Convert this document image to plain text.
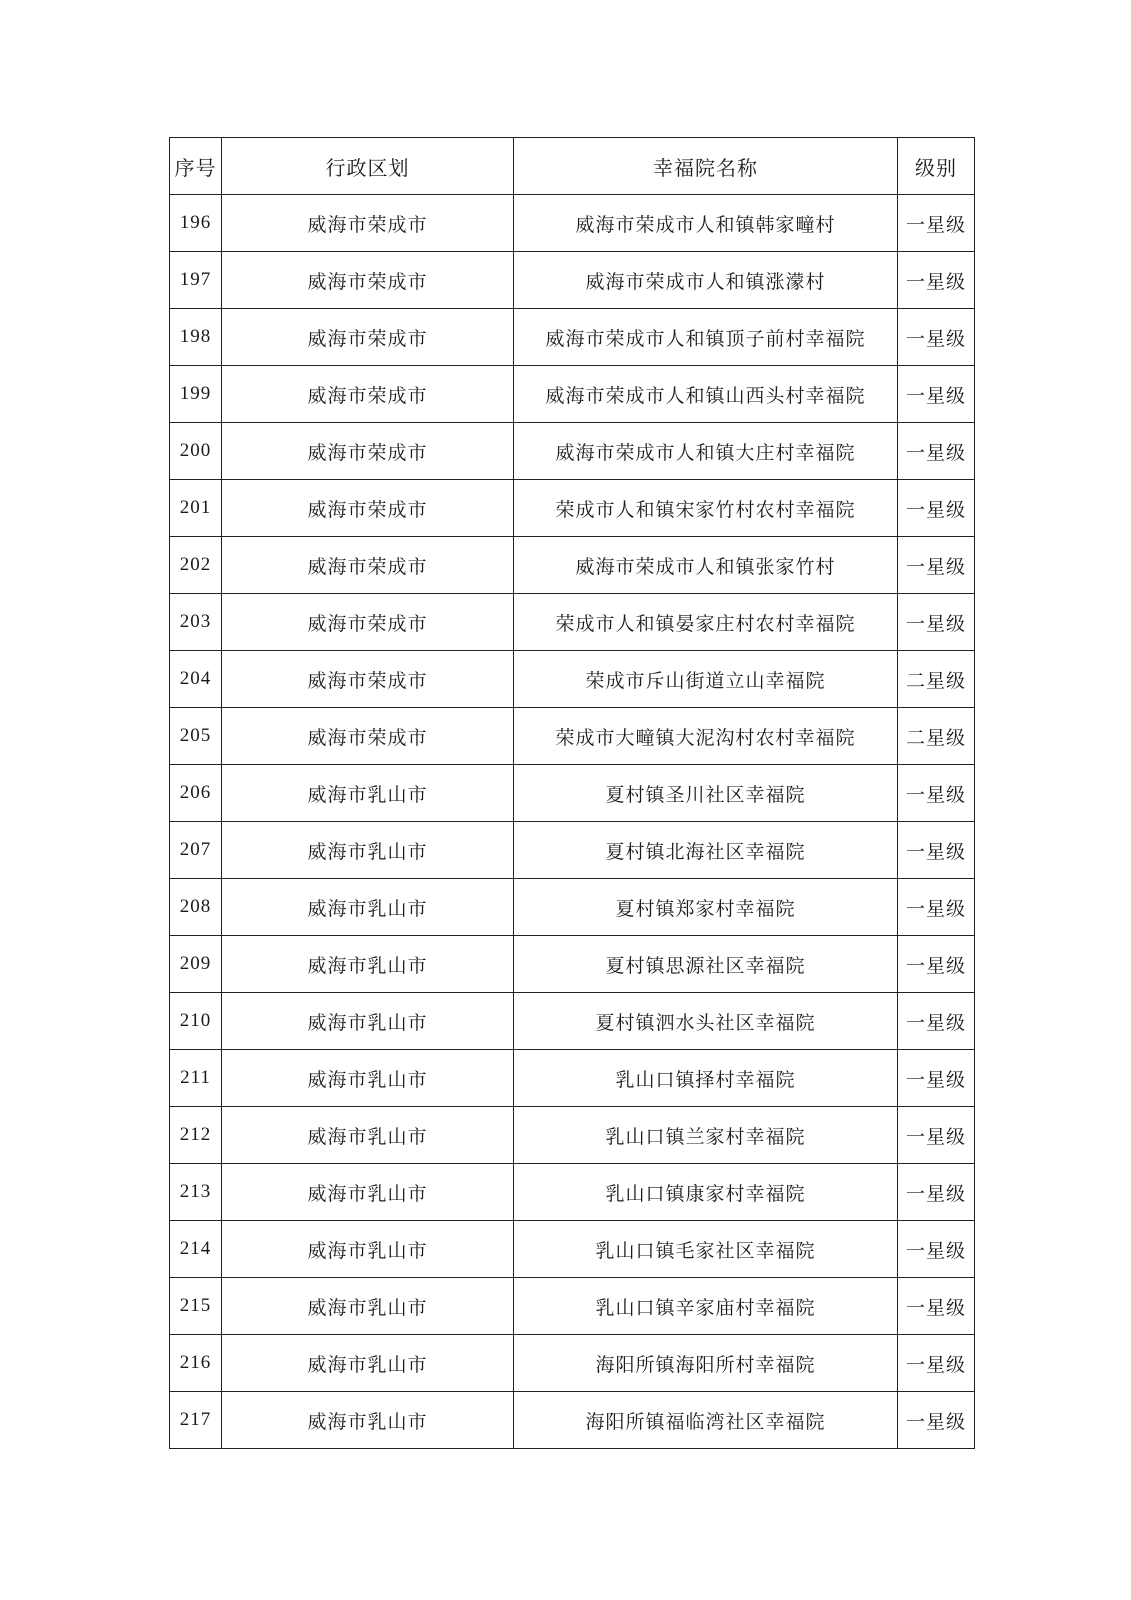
序号	行政区划	幸福院名称	级别
196	威海市荣成市	威海市荣成市人和镇韩家疃村	一星级
197	威海市荣成市	威海市荣成市人和镇涨濛村	一星级
198	威海市荣成市	威海市荣成市人和镇顶子前村幸福院	一星级
199	威海市荣成市	威海市荣成市人和镇山西头村幸福院	一星级
200	威海市荣成市	威海市荣成市人和镇大庄村幸福院	一星级
201	威海市荣成市	荣成市人和镇宋家竹村农村幸福院	一星级
202	威海市荣成市	威海市荣成市人和镇张家竹村	一星级
203	威海市荣成市	荣成市人和镇晏家庄村农村幸福院	一星级
204	威海市荣成市	荣成市斥山街道立山幸福院	二星级
205	威海市荣成市	荣成市大疃镇大泥沟村农村幸福院	二星级
206	威海市乳山市	夏村镇圣川社区幸福院	一星级
207	威海市乳山市	夏村镇北海社区幸福院	一星级
208	威海市乳山市	夏村镇郑家村幸福院	一星级
209	威海市乳山市	夏村镇思源社区幸福院	一星级
210	威海市乳山市	夏村镇泗水头社区幸福院	一星级
211	威海市乳山市	乳山口镇择村幸福院	一星级
212	威海市乳山市	乳山口镇兰家村幸福院	一星级
213	威海市乳山市	乳山口镇康家村幸福院	一星级
214	威海市乳山市	乳山口镇毛家社区幸福院	一星级
215	威海市乳山市	乳山口镇辛家庙村幸福院	一星级
216	威海市乳山市	海阳所镇海阳所村幸福院	一星级
217	威海市乳山市	海阳所镇福临湾社区幸福院	一星级
